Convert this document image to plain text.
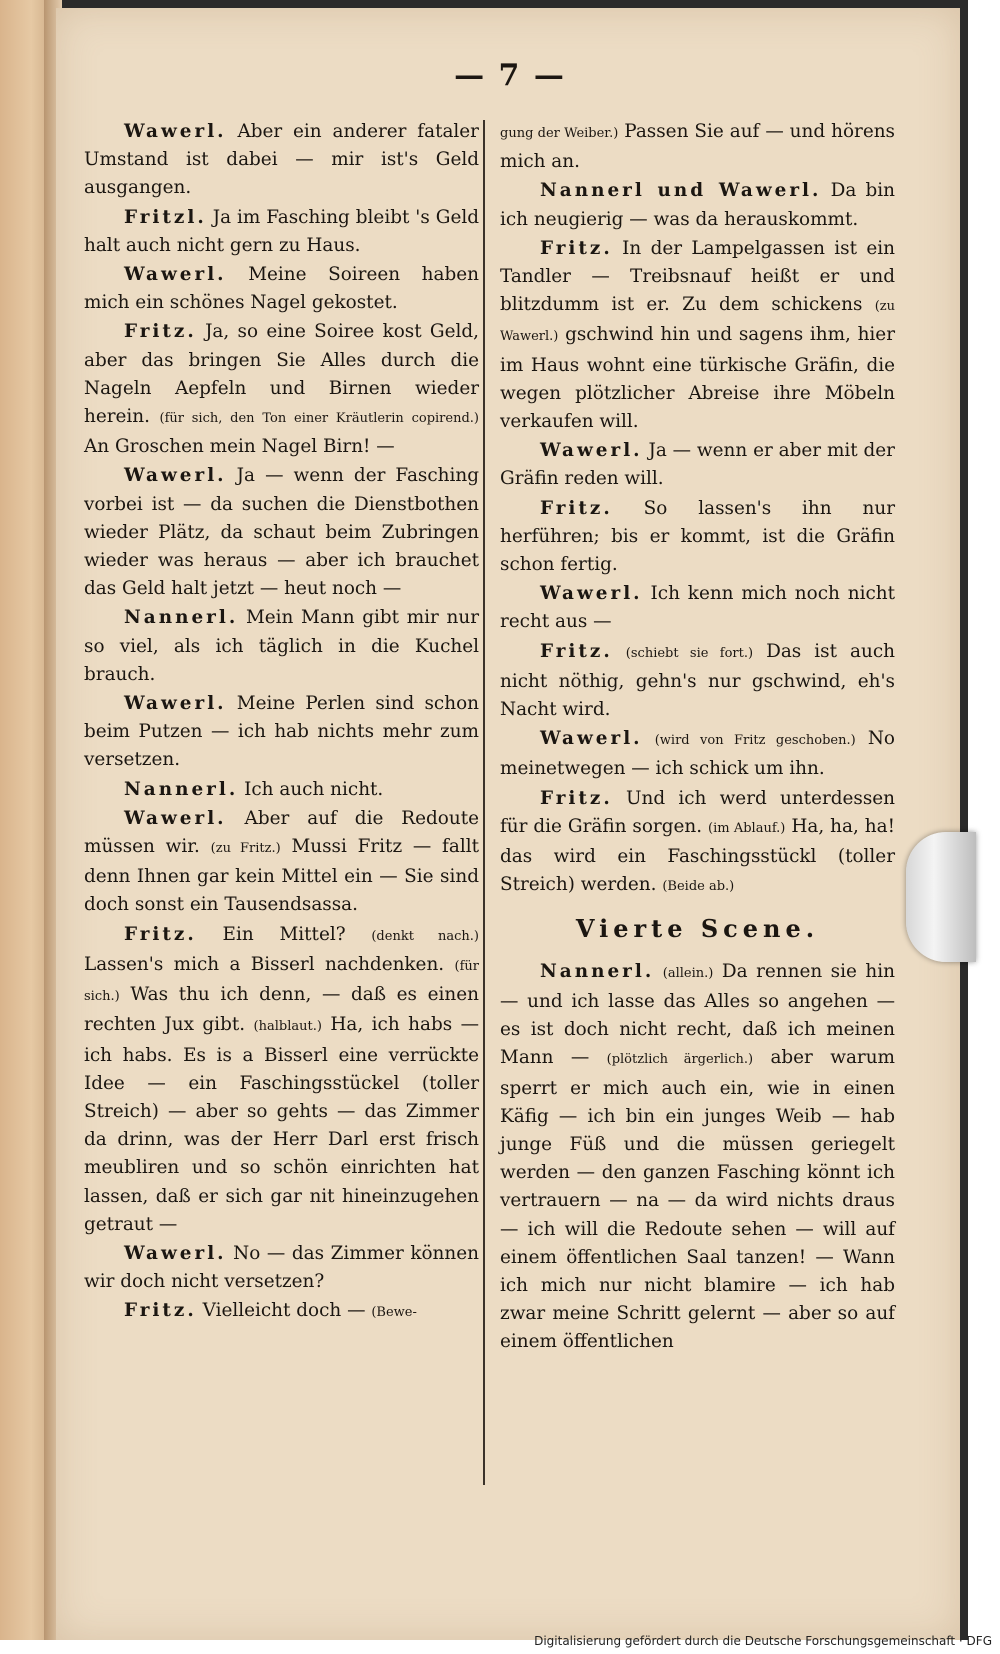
— 7 —

Wawerl. Aber ein anderer fataler Umstand ist dabei — mir ist's Geld ausgangen.

Fritzl. Ja im Fasching bleibt 's Geld halt auch nicht gern zu Haus.

Wawerl. Meine Soireen haben mich ein schönes Nagel gekostet.

Fritz. Ja, so eine Soiree kost Geld, aber das bringen Sie Alles durch die Nageln Aepfeln und Birnen wieder herein. (für sich, den Ton einer Kräutlerin copirend.) An Groschen mein Nagel Birn! —

Wawerl. Ja — wenn der Fasching vorbei ist — da suchen die Dienstbothen wieder Plätz, da schaut beim Zubringen wieder was heraus — aber ich brauchet das Geld halt jetzt — heut noch —

Nannerl. Mein Mann gibt mir nur so viel, als ich täglich in die Kuchel brauch.

Wawerl. Meine Perlen sind schon beim Putzen — ich hab nichts mehr zum versetzen.

Nannerl. Ich auch nicht.

Wawerl. Aber auf die Redoute müssen wir. (zu Fritz.) Mussi Fritz — fallt denn Ihnen gar kein Mittel ein — Sie sind doch sonst ein Tausendsassa.

Fritz. Ein Mittel? (denkt nach.) Lassen's mich a Bisserl nachdenken. (für sich.) Was thu ich denn, — daß es einen rechten Jux gibt. (halblaut.) Ha, ich habs — ich habs. Es is a Bisserl eine verrückte Idee — ein Faschingsstückel (toller Streich) — aber so gehts — das Zimmer da drinn, was der Herr Darl erst frisch meubliren und so schön einrichten hat lassen, daß er sich gar nit hineinzugehen getraut —

Wawerl. No — das Zimmer können wir doch nicht versetzen?

Fritz. Vielleicht doch — (Bewe-

gung der Weiber.) Passen Sie auf — und hörens mich an.

Nannerl und Wawerl. Da bin ich neugierig — was da herauskommt.

Fritz. In der Lampelgassen ist ein Tandler — Treibsnauf heißt er und blitzdumm ist er. Zu dem schickens (zu Wawerl.) gschwind hin und sagens ihm, hier im Haus wohnt eine türkische Gräfin, die wegen plötzlicher Abreise ihre Möbeln verkaufen will.

Wawerl. Ja — wenn er aber mit der Gräfin reden will.

Fritz. So lassen's ihn nur herführen; bis er kommt, ist die Gräfin schon fertig.

Wawerl. Ich kenn mich noch nicht recht aus —

Fritz. (schiebt sie fort.) Das ist auch nicht nöthig, gehn's nur gschwind, eh's Nacht wird.

Wawerl. (wird von Fritz geschoben.) No meinetwegen — ich schick um ihn.

Fritz. Und ich werd unterdessen für die Gräfin sorgen. (im Ablauf.) Ha, ha, ha! das wird ein Faschingsstückl (toller Streich) werden. (Beide ab.)

Vierte Scene.

Nannerl. (allein.) Da rennen sie hin — und ich lasse das Alles so angehen — es ist doch nicht recht, daß ich meinen Mann — (plötzlich ärgerlich.) aber warum sperrt er mich auch ein, wie in einen Käfig — ich bin ein junges Weib — hab junge Füß und die müssen geriegelt werden — den ganzen Fasching könnt ich vertrauern — na — da wird nichts draus — ich will die Redoute sehen — will auf einem öffentlichen Saal tanzen! — Wann ich mich nur nicht blamire — ich hab zwar meine Schritt gelernt — aber so auf einem öffentlichen

Digitalisierung gefördert durch die Deutsche Forschungsgemeinschaft · DFG
